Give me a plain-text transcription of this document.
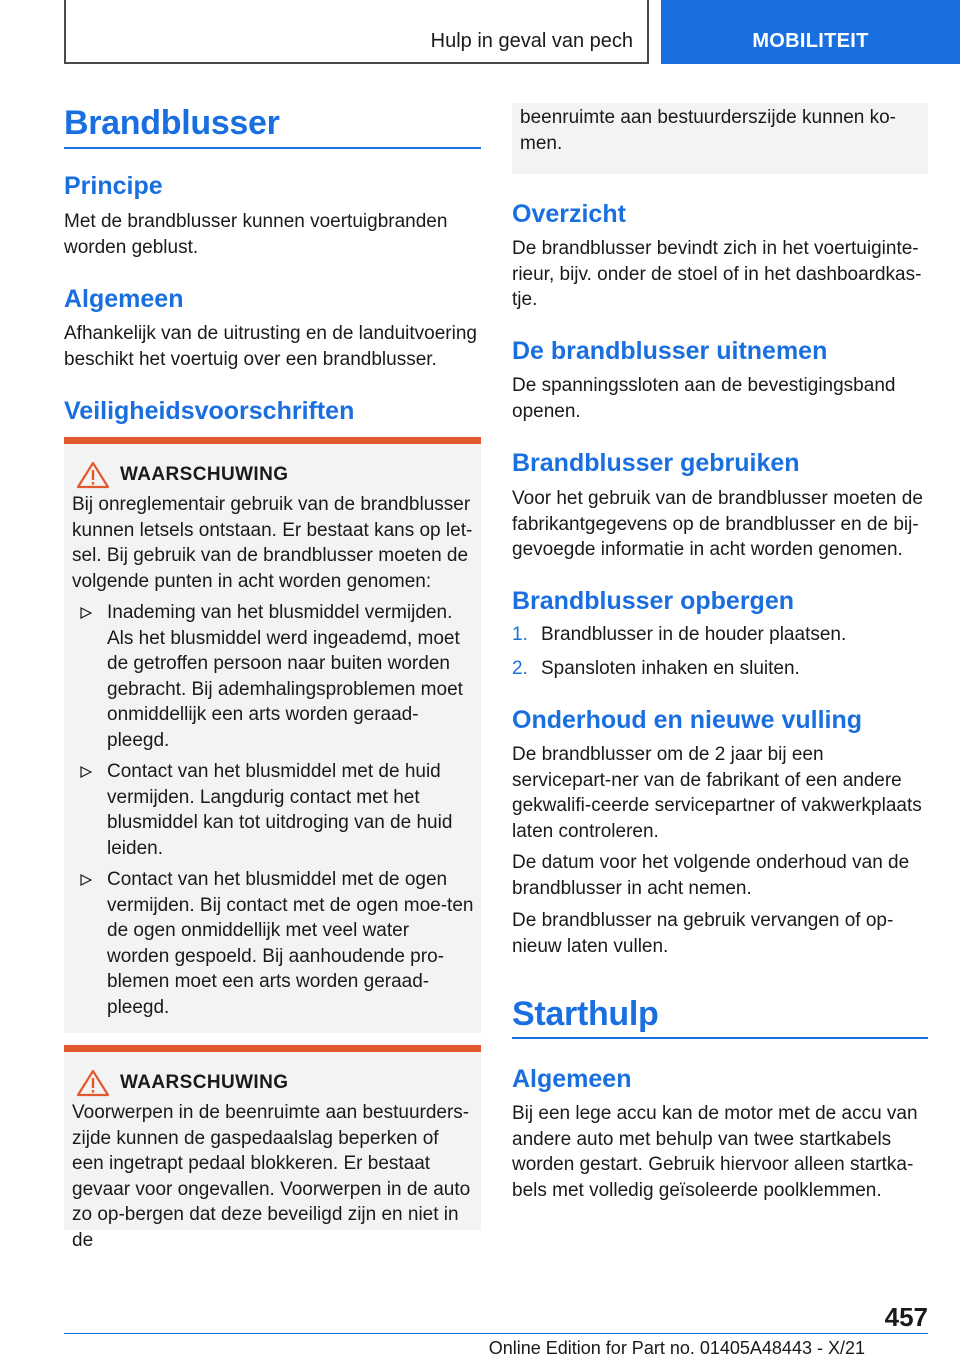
Hulp in geval van pech	MOBILITEIT
Brandblusser
Principe
Met de brandblusser kunnen voertuigbranden worden geblust.
Algemeen
Afhankelijk van de uitrusting en de landuitvoering beschikt het voertuig over een brandblusser.
Veiligheidsvoorschriften
WAARSCHUWING
Bij onreglementair gebruik van de brandblusser kunnen letsels ontstaan. Er bestaat kans op let-sel. Bij gebruik van de brandblusser moeten de volgende punten in acht worden genomen:
Inademing van het blusmiddel vermijden. Als het blusmiddel werd ingeademd, moet de getroffen persoon naar buiten worden gebracht. Bij ademhalingsproblemen moet onmiddellijk een arts worden geraad-pleegd.
Contact van het blusmiddel met de huid vermijden. Langdurig contact met het blusmiddel kan tot uitdroging van de huid leiden.
Contact van het blusmiddel met de ogen vermijden. Bij contact met de ogen moe-ten de ogen onmiddellijk met veel water worden gespoeld. Bij aanhoudende pro-blemen moet een arts worden geraad-pleegd.
WAARSCHUWING
Voorwerpen in de beenruimte aan bestuurders-zijde kunnen de gaspedaalslag beperken of een ingetrapt pedaal blokkeren. Er bestaat gevaar voor ongevallen. Voorwerpen in de auto zo op-bergen dat deze beveiligd zijn en niet in de
beenruimte aan bestuurderszijde kunnen ko-men.
Overzicht
De brandblusser bevindt zich in het voertuiginte-rieur, bijv. onder de stoel of in het dashboardkas-tje.
De brandblusser uitnemen
De spanningssloten aan de bevestigingsband openen.
Brandblusser gebruiken
Voor het gebruik van de brandblusser moeten de fabrikantgegevens op de brandblusser en de bij-gevoegde informatie in acht worden genomen.
Brandblusser opbergen
1. Brandblusser in de houder plaatsen.
2. Spansloten inhaken en sluiten.
Onderhoud en nieuwe vulling
De brandblusser om de 2 jaar bij een servicepart-ner van de fabrikant of een andere gekwalifi-ceerde servicepartner of vakwerkplaats laten controleren.
De datum voor het volgende onderhoud van de brandblusser in acht nemen.
De brandblusser na gebruik vervangen of op-nieuw laten vullen.
Starthulp
Algemeen
Bij een lege accu kan de motor met de accu van andere auto met behulp van twee startkabels worden gestart. Gebruik hiervoor alleen startka-bels met volledig geïsoleerde poolklemmen.
457
Online Edition for Part no. 01405A48443 - X/21
